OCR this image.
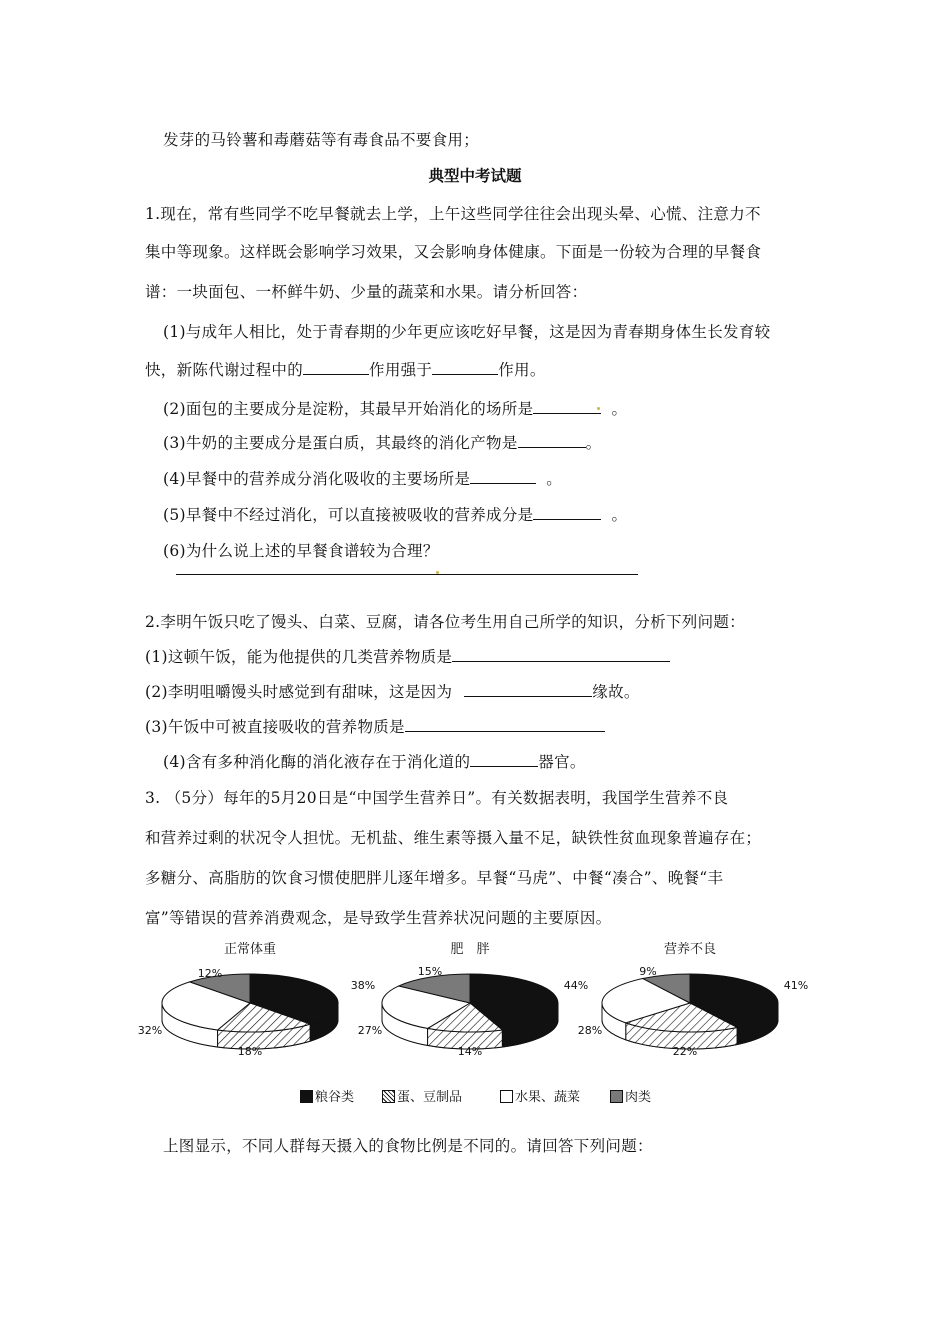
发芽的马铃薯和毒蘑菇等有毒食品不要食用；
典型中考试题
1.现在，常有些同学不吃早餐就去上学，上午这些同学往往会出现头晕、心慌、注意力不
集中等现象。这样既会影响学习效果，又会影响身体健康。下面是一份较为合理的早餐食
谱：一块面包、一杯鲜牛奶、少量的蔬菜和水果。请分析回答：
(1)与成年人相比，处于青春期的少年更应该吃好早餐，这是因为青春期身体生长发育较
快，新陈代谢过程中的	作用强于	作用。
(2)面包的主要成分是淀粉，其最早开始消化的场所是	。
(3)牛奶的主要成分是蛋白质，其最终的消化产物是	。
(4)早餐中的营养成分消化吸收的主要场所是	。
(5)早餐中不经过消化，可以直接被吸收的营养成分是	。
(6)为什么说上述的早餐食谱较为合理？
2.李明午饭只吃了馒头、白菜、豆腐，请各位考生用自己所学的知识，分析下列问题：
(1)这顿午饭，能为他提供的几类营养物质是
(2)李明咀嚼馒头时感觉到有甜味，这是因为	缘故。
(3)午饭中可被直接吸收的营养物质是
(4)含有多种消化酶的消化液存在于消化道的	器官。
3. （5分）每年的5月20日是“中国学生营养日”。有关数据表明，我国学生营养不良
和营养过剩的状况令人担忧。无机盐、维生素等摄入量不足，缺铁性贫血现象普遍存在；
多糖分、高脂肪的饮食习惯使肥胖儿逐年增多。早餐“马虎”、中餐“凑合”、晚餐“丰
富”等错误的营养消费观念，是导致学生营养状况问题的主要原因。
正常体重
38%
18%
32%
12%
肥　胖
44%
14%
27%
15%
营养不良
41%
22%
28%
9%
粮谷类	蛋、豆制品	水果、蔬菜	肉类
上图显示，不同人群每天摄入的食物比例是不同的。请回答下列问题：
